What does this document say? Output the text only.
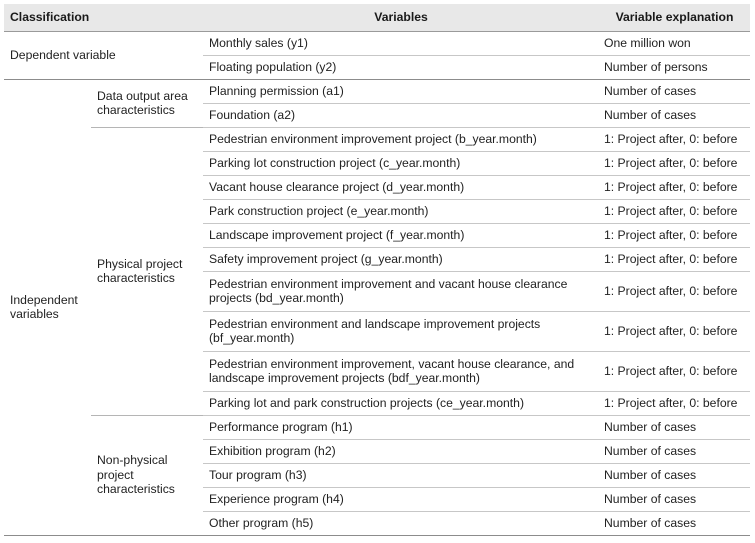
Classification		Variables	Variable explanation
Dependent variable		Monthly sales (y1)	One million won
		Floating population (y2)	Number of persons
Independent variables	Data output area characteristics	Planning permission (a1)	Number of cases
		Foundation (a2)	Number of cases
	Physical project characteristics	Pedestrian environment improvement project (b_year.month)	1: Project after, 0: before
		Parking lot construction project (c_year.month)	1: Project after, 0: before
		Vacant house clearance project (d_year.month)	1: Project after, 0: before
		Park construction project (e_year.month)	1: Project after, 0: before
		Landscape improvement project (f_year.month)	1: Project after, 0: before
		Safety improvement project (g_year.month)	1: Project after, 0: before
		Pedestrian environment improvement and vacant house clearance projects (bd_year.month)	1: Project after, 0: before
		Pedestrian environment and landscape improvement projects (bf_year.month)	1: Project after, 0: before
		Pedestrian environment improvement, vacant house clearance, and landscape improvement projects (bdf_year.month)	1: Project after, 0: before
		Parking lot and park construction projects (ce_year.month)	1: Project after, 0: before
	Non-physical project characteristics	Performance program (h1)	Number of cases
		Exhibition program (h2)	Number of cases
		Tour program (h3)	Number of cases
		Experience program (h4)	Number of cases
		Other program (h5)	Number of cases
